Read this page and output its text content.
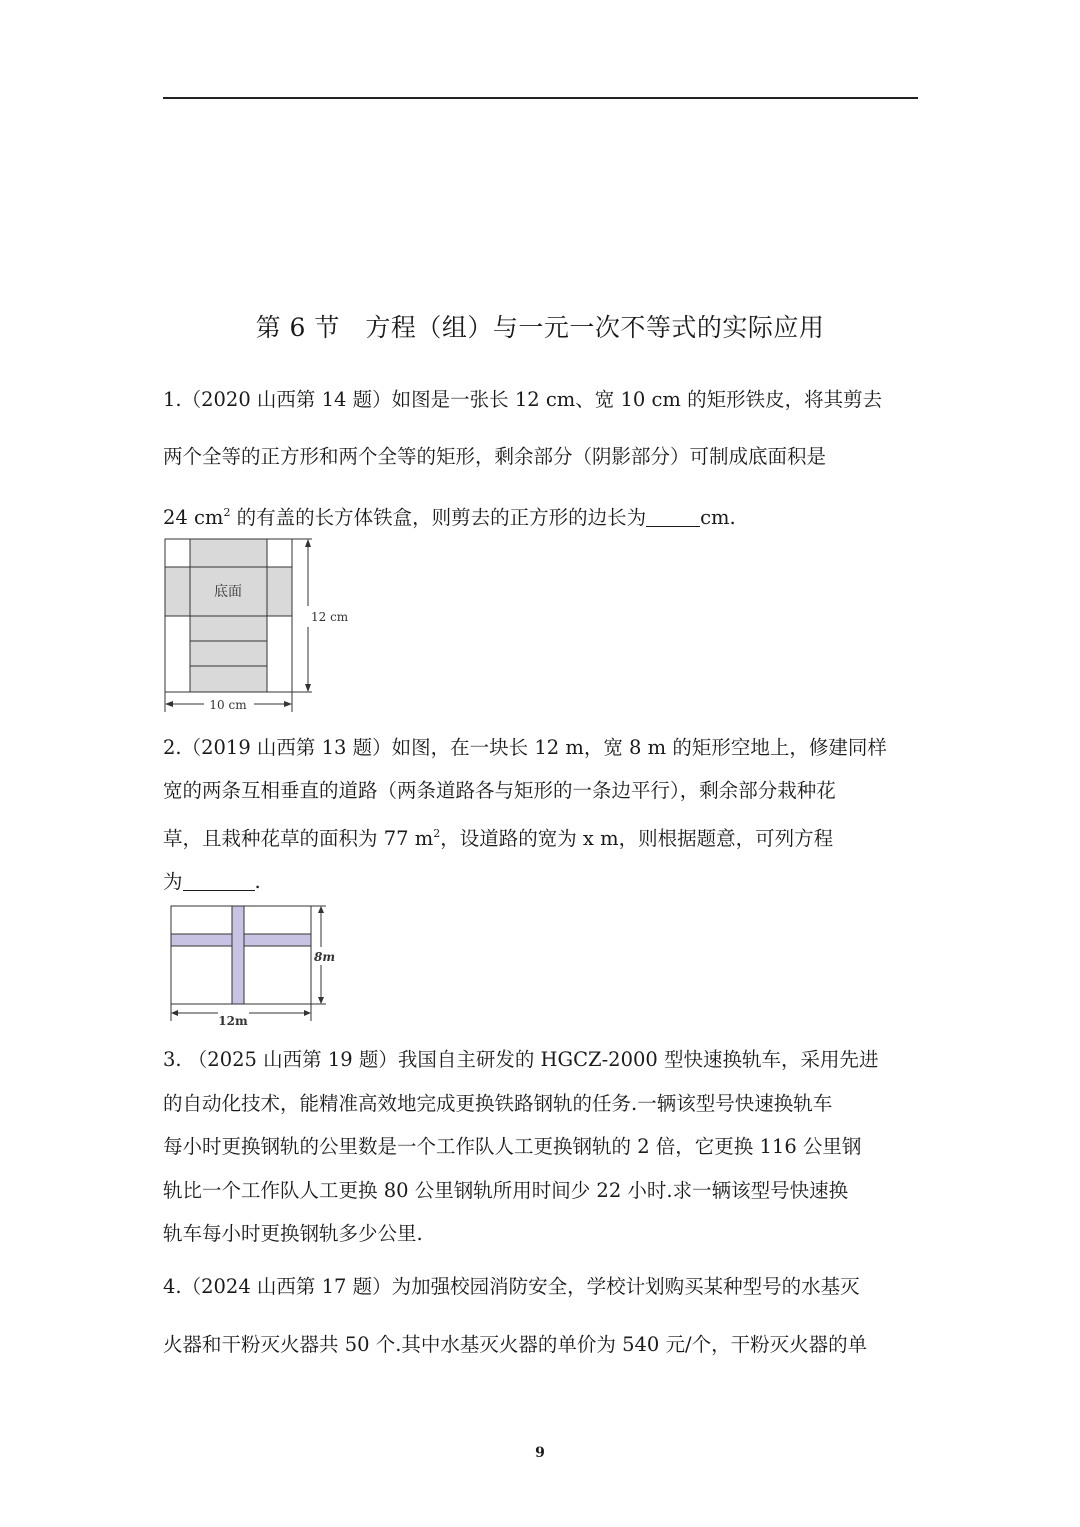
第 6 节　方程（组）与一元一次不等式的实际应用
1.（2020 山西第 14 题）如图是一张长 12 cm、宽 10 cm 的矩形铁皮，将其剪去
两个全等的正方形和两个全等的矩形，剩余部分（阴影部分）可制成底面积是
24 $cm^2$ 的有盖的长方体铁盒，则剪去的正方形的边长为	cm.
底面
12 cm
10 cm
2.（2019 山西第 13 题）如图，在一块长 12 m，宽 8 m 的矩形空地上，修建同样
宽的两条互相垂直的道路（两条道路各与矩形的一条边平行），剩余部分栽种花
草，且栽种花草的面积为 77 $m^2$，设道路的宽为 x m，则根据题意，可列方程
为	.
8m
12m
3. （2025 山西第 19 题）我国自主研发的 HGCZ-2000 型快速换轨车，采用先进
的自动化技术，能精准高效地完成更换铁路钢轨的任务.一辆该型号快速换轨车
每小时更换钢轨的公里数是一个工作队人工更换钢轨的 2 倍，它更换 116 公里钢
轨比一个工作队人工更换 80 公里钢轨所用时间少 22 小时.求一辆该型号快速换
轨车每小时更换钢轨多少公里.
4.（2024 山西第 17 题）为加强校园消防安全，学校计划购买某种型号的水基灭
火器和干粉灭火器共 50 个.其中水基灭火器的单价为 540 元/个，干粉灭火器的单
9
